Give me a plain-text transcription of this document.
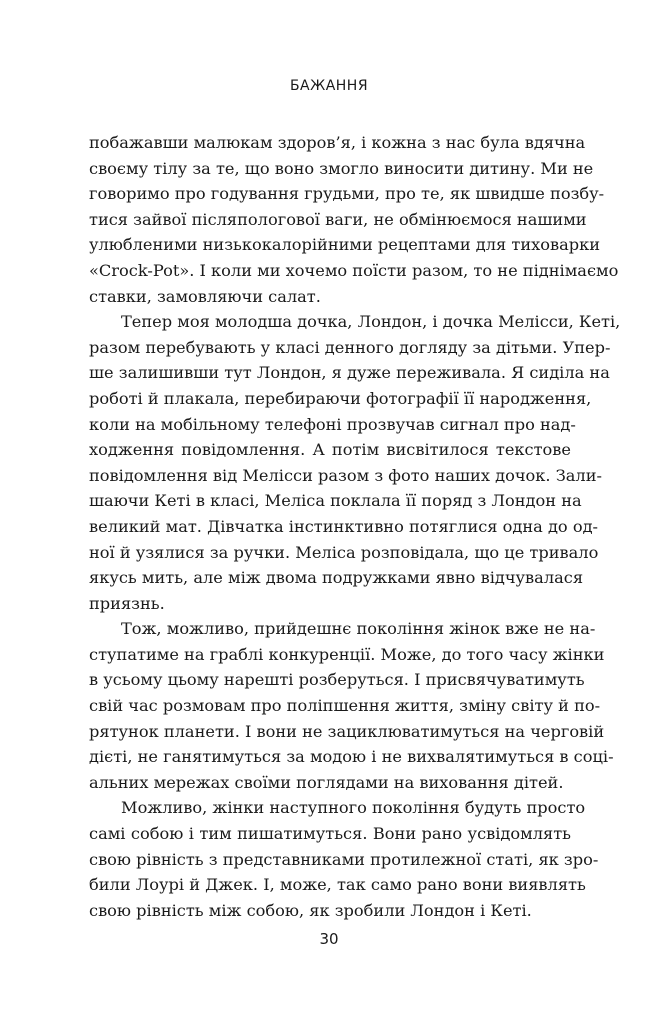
БАЖАННЯ

побажавши малюкам здоров’я, і кожна з нас була вдячна
своєму тілу за те, що воно змогло виносити дитину. Ми не
говоримо про годування грудьми, про те, як швидше позбу-
тися зайвої післяпологової ваги, не обмінюємося нашими
улюбленими низькокалорійними рецептами для тиховарки
«Crock-Pot». І коли ми хочемо поїсти разом, то не піднімаємо
ставки, замовляючи салат.

Тепер моя молодша дочка, Лондон, і дочка Мелісси, Кеті,
разом перебувають у класі денного догляду за дітьми. Упер-
ше залишивши тут Лондон, я дуже переживала. Я сиділа на
роботі й плакала, перебираючи фотографії її народження,
коли на мобільному телефоні прозвучав сигнал про над-
ходження повідомлення. А потім висвітилося текстове
повідомлення від Мелісси разом з фото наших дочок. Зали-
шаючи Кеті в класі, Меліса поклала її поряд з Лондон на
великий мат. Дівчатка інстинктивно потяглися одна до од-
ної й узялися за ручки. Меліса розповідала, що це тривало
якусь мить, але між двома подружками явно відчувалася
приязнь.

Тож, можливо, прийдешнє покоління жінок вже не на-
ступатиме на граблі конкуренції. Може, до того часу жінки
в усьому цьому нарешті розберуться. І присвячуватимуть
свій час розмовам про поліпшення життя, зміну світу й по-
рятунок планети. І вони не зациклюватимуться на черговій
дієті, не ганятимуться за модою і не вихвалятимуться в соці-
альних мережах своїми поглядами на виховання дітей.

Можливо, жінки наступного покоління будуть просто
самі собою і тим пишатимуться. Вони рано усвідомлять
свою рівність з представниками протилежної статі, як зро-
били Лоурі й Джек. І, може, так само рано вони виявлять
свою рівність між собою, як зробили Лондон і Кеті.

30
